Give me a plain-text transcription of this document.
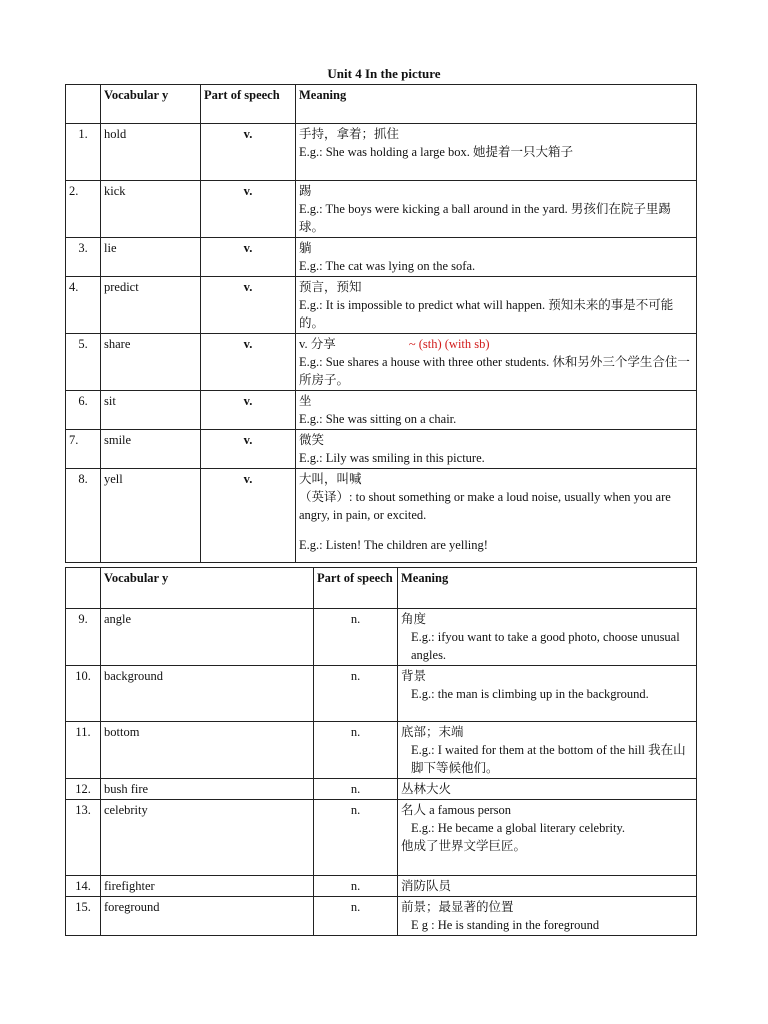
Unit 4 In the picture
	Vocabular y	Part of speech	Meaning
1.	hold	v.	手持，拿着；抓住
E.g.: She was holding a large box. 她提着一只大箱子

2.	kick	v.	踢
E.g.: The boys were kicking a ball around in the yard. 男孩们在院子里踢球。

3.	lie	v.	躺
E.g.: The cat was lying on the sofa.

4.	predict	v.	预言，预知
E.g.: It is impossible to predict what will happen. 预知未来的事是不可能的。

5.	share	v.	v. 分享 ~ (sth) (with sb)
E.g.: Sue shares a house with three other students. 休和另外三个学生合住一所房子。

6.	sit	v.	坐
E.g.: She was sitting on a chair.

7.	smile	v.	微笑
E.g.: Lily was smiling in this picture.

8.	yell	v.	大叫，叫喊
（英译）: to shout something or make a loud noise, usually when you are angry, in pain, or excited.
E.g.: Listen! The children are yelling!
	Vocabular y	Part of speech	Meaning
9.	angle	n.	角度
E.g.: ifyou want to take a good photo, choose unusual angles.

10.	background	n.	背景
E.g.: the man is climbing up in the background.

11.	bottom	n.	底部；末端
E.g.: I waited for them at the bottom of the hill 我在山脚下等候他们。

12.	bush fire	n.	丛林大火

13.	celebrity	n.	名人 a famous person
E.g.: He became a global literary celebrity.
他成了世界文学巨匠。

14.	firefighter	n.	消防队员

15.	foreground	n.	前景；最显著的位置
E g : He is standing in the foreground
